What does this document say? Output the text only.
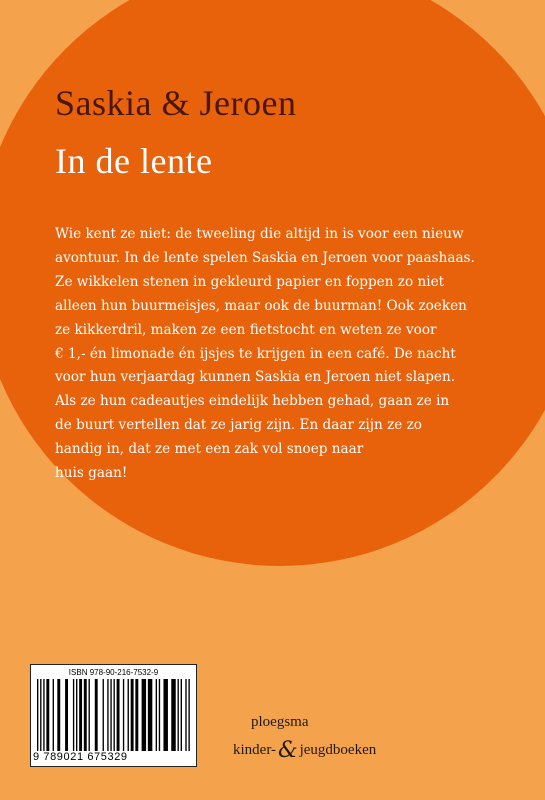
Saskia & Jeroen
In de lente
Wie kent ze niet: de tweeling die altijd in is voor een nieuw
avontuur. In de lente spelen Saskia en Jeroen voor paashaas.
Ze wikkelen stenen in gekleurd papier en foppen zo niet
alleen hun buurmeisjes, maar ook de buurman! Ook zoeken
ze kikkerdril, maken ze een fietstocht en weten ze voor
€ 1,- én limonade én ijsjes te krijgen in een café. De nacht
voor hun verjaardag kunnen Saskia en Jeroen niet slapen.
Als ze hun cadeautjes eindelijk hebben gehad, gaan ze in
de buurt vertellen dat ze jarig zijn. En daar zijn ze zo
handig in, dat ze met een zak vol snoep naar
huis gaan!
ISBN 978-90-216-7532-9
9 789021 675329
ploegsma
kinder-& jeugdboeken
